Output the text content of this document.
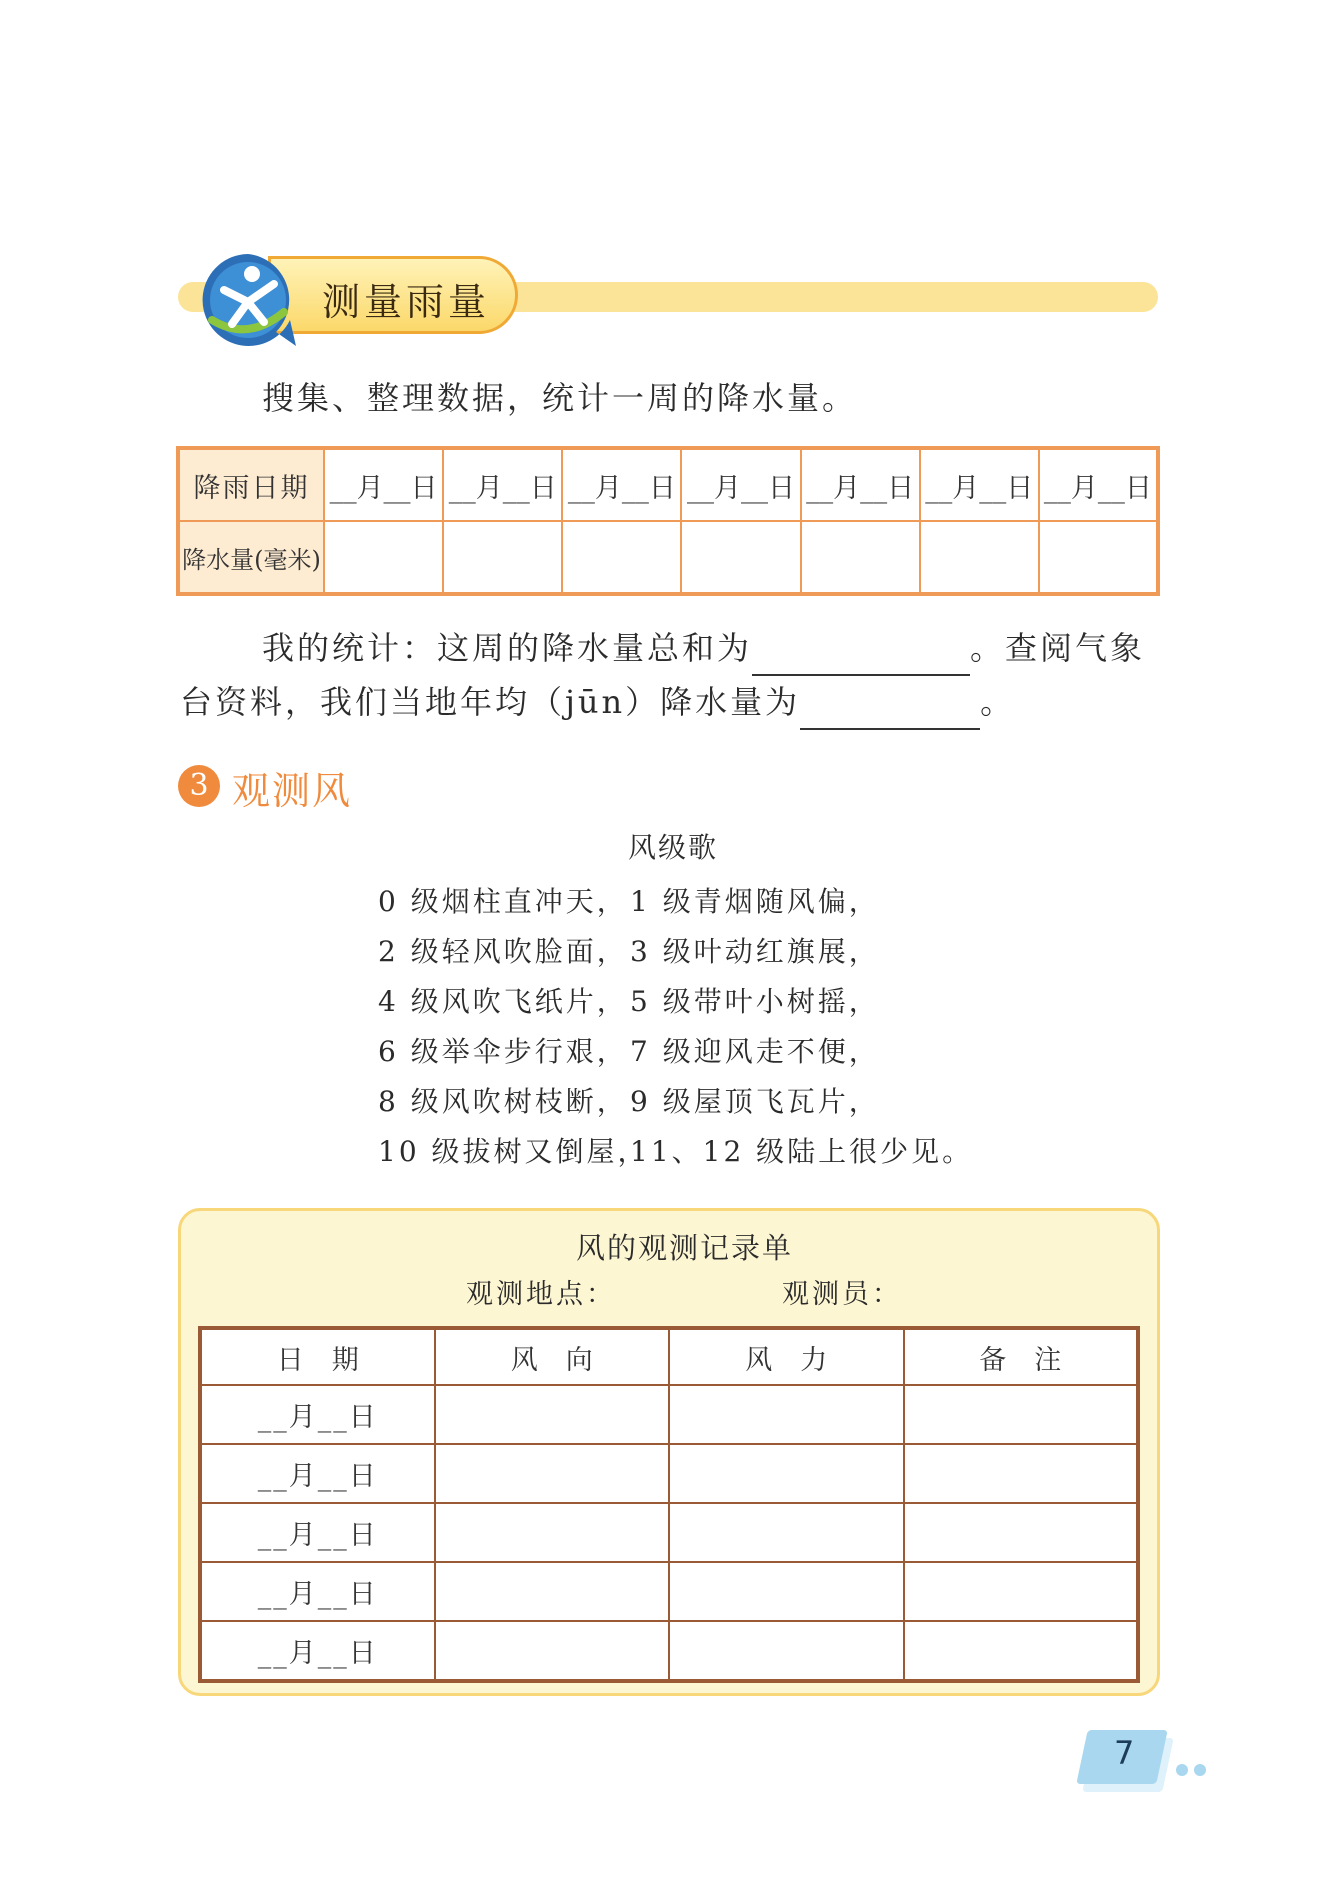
测量雨量
搜集、整理数据，统计一周的降水量。
降雨日期	__月__日	__月__日	__月__日	__月__日	__月__日	__月__日	__月__日
降水量(毫米)							
我的统计：这周的降水量总和为	。查阅气象
台资料，我们当地年均（jūn）降水量为	。
3 观测风
风级歌
0 级烟柱直冲天， 1 级青烟随风偏，
2 级轻风吹脸面， 3 级叶动红旗展，
4 级风吹飞纸片， 5 级带叶小树摇，
6 级举伞步行艰， 7 级迎风走不便，
8 级风吹树枝断， 9 级屋顶飞瓦片，
10 级拔树又倒屋，
11、12 级陆上很少见。
风的观测记录单
观测地点：	观测员：
日期	风向	风力	备注
__月__日			
__月__日			
__月__日			
__月__日			
__月__日			
7
